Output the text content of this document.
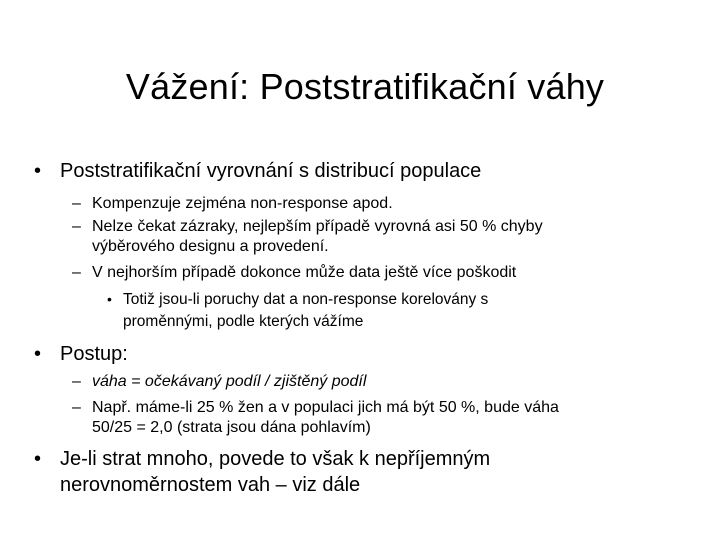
Vážení: Poststratifikační váhy
• Poststratifikační vyrovnání s distribucí populace
– Kompenzuje zejména non-response apod.
– Nelze čekat zázraky, nejlepším případě vyrovná asi 50 % chyby
výběrového designu a provedení.
– V nejhorším případě dokonce může data ještě více poškodit
• Totiž jsou-li poruchy dat a non-response korelovány s
proměnnými, podle kterých vážíme
• Postup:
– váha = očekávaný podíl / zjištěný podíl
– Např. máme-li 25 % žen a v populaci jich má být 50 %, bude váha
50/25 = 2,0 (strata jsou dána pohlavím)
• Je-li strat mnoho, povede to však k nepříjemným
nerovnoměrnostem vah – viz dále
